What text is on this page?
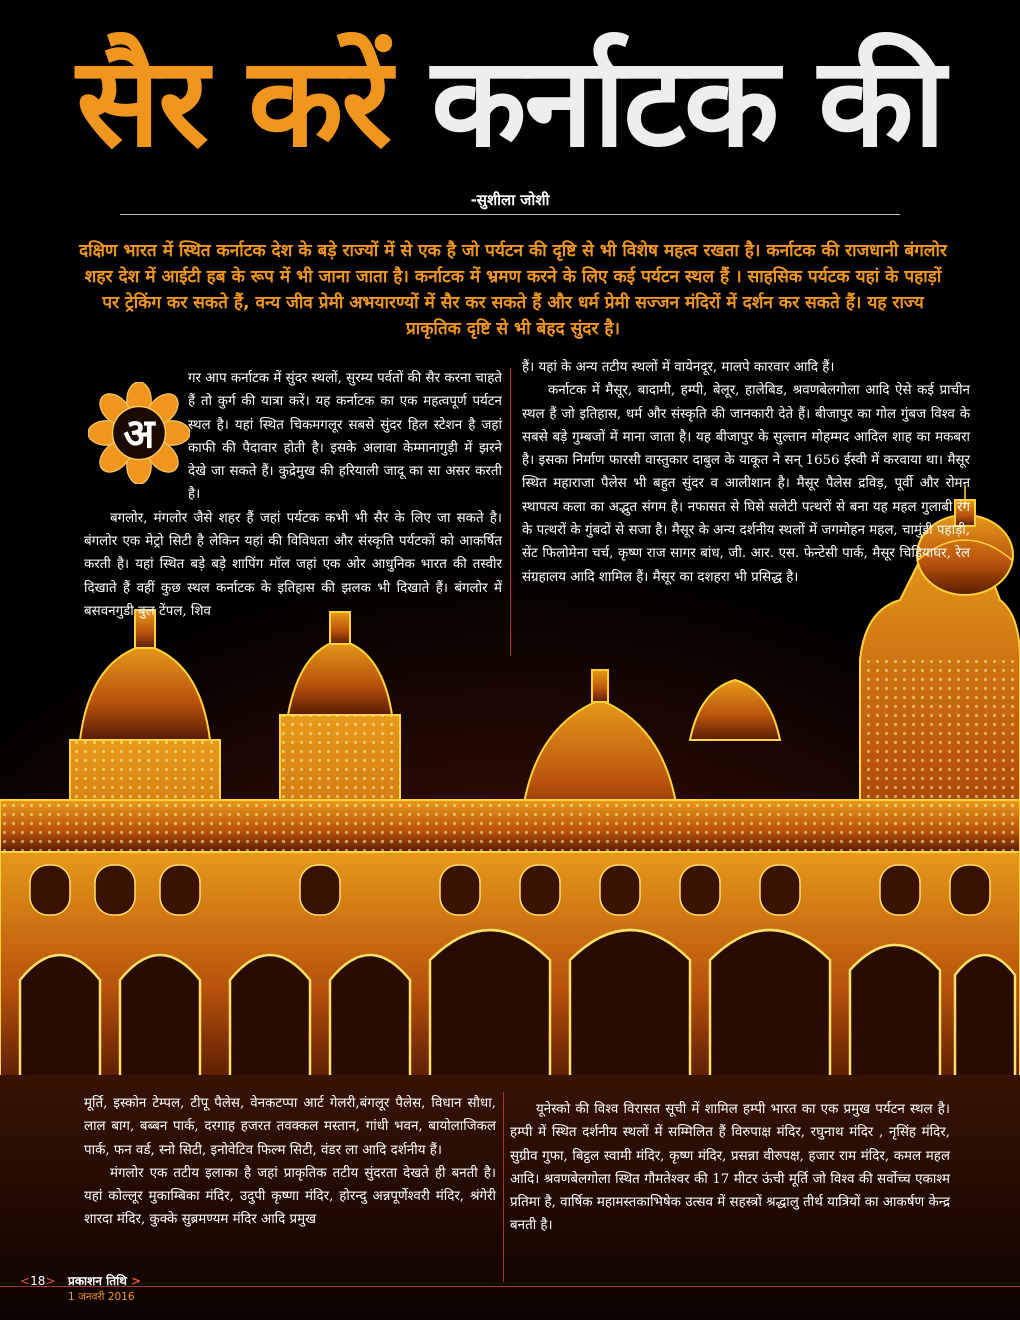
सैर करें कर्नाटक की
-सुशीला जोशी
दक्षिण भारत में स्थित कर्नाटक देश के बड़े राज्यों में से एक है जो पर्यटन की दृष्टि से भी विशेष महत्व रखता है। कर्नाटक की राजधानी बंगलोर शहर देश में आईटी हब के रूप में भी जाना जाता है। कर्नाटक में भ्रमण करने के लिए कई पर्यटन स्थल हैं । साहसिक पर्यटक यहां के पहाड़ों पर ट्रेकिंग कर सकते हैं, वन्य जीव प्रेमी अभयारण्यों में सैर कर सकते हैं और धर्म प्रेमी सज्जन मंदिरों में दर्शन कर सकते हैं। यह राज्य प्राकृतिक दृष्टि से भी बेहद सुंदर है।
अ

गर आप कर्नाटक में सुंदर स्थलों, सुरम्य पर्वतों की सैर करना चाहते हैं तो कुर्ग की यात्रा करें। यह कर्नाटक का एक महत्वपूर्ण पर्यटन स्थल है। यहां स्थित चिकमगलूर सबसे सुंदर हिल स्टेशन है जहां काफी की पैदावार होती है। इसके अलावा केम्मानागुड़ी में झरने देखे जा सकते हैं। कुद्रेमुख की हरियाली जादू का सा असर करती है।

बगलोर, मंगलोर जैसे शहर हैं जहां पर्यटक कभी भी सैर के लिए जा सकते है। बंगलोर एक मेट्रो सिटी है लेकिन यहां की विविधता और संस्कृति पर्यटकों को आकर्षित करती है। यहां स्थित बड़े बड़े शापिंग मॉल जहां एक ओर आधुनिक भारत की तस्वीर दिखाते हैं वहीं कुछ स्थल कर्नाटक के इतिहास की झलक भी दिखाते हैं। बंगलोर में बसवनगुडी बुल टेंपल, शिव

हैं। यहां के अन्य तटीय स्थलों में वायेनदूर, मालपे कारवार आदि हैं।

कर्नाटक में मैसूर, बादामी, हम्पी, बेलूर, हालेबिड, श्रवणबेलगोला आदि ऐसे कई प्राचीन स्थल हैं जो इतिहास, धर्म और संस्कृति की जानकारी देते हैं। बीजापुर का गोल गुंबज विश्व के सबसे बड़े गुम्बजों में माना जाता है। यह बीजापुर के सुल्तान मोहम्मद आदिल शाह का मकबरा है। इसका निर्माण फारसी वास्तुकार दाबुल के याकूत ने सन् 1656 ईस्वी में करवाया था। मैसूर स्थित महाराजा पैलेस भी बहुत सुंदर व आलीशान है। मैसूर पैलेस द्रविड़, पूर्वी और रोमन स्थापत्य कला का अद्भुत संगम है। नफासत से घिसे सलेटी पत्थरों से बना यह महल गुलाबी रंग के पत्थरों के गुंबदों से सजा है। मैसूर के अन्य दर्शनीय स्थलों में जगमोहन महल, चामुंडी पहाड़ी, सेंट फिलोमेना चर्च, कृष्ण राज सागर बांध, जी. आर. एस. फेन्टेसी पार्क, मैसूर चिड़ियाघर, रेल संग्रहालय आदि शामिल हैं। मैसूर का दशहरा भी प्रसिद्ध है।

मूर्ति, इस्कोन टेम्पल, टीपू पैलेस, वेनकटप्पा आर्ट गेलरी,बंगलूर पैलेस, विधान सौधा, लाल बाग, बब्बन पार्क, दरगाह हजरत तवक्कल मस्तान, गांधी भवन, बायोलाजिकल पार्क, फन वर्ड, स्नो सिटी, इनोवेटिव फिल्म सिटी, वंडर ला आदि दर्शनीय हैं।

मंगलोर एक तटीय इलाका है जहां प्राकृतिक तटीय सुंदरता देखते ही बनती है। यहां कोल्लूर मुकाम्बिका मंदिर, उदुपी कृष्णा मंदिर, होरन्दु अन्नपूर्णेश्वरी मंदिर, श्रंगेरी शारदा मंदिर, कुक्के सुब्रमण्यम मंदिर आदि प्रमुख

यूनेस्को की विश्व विरासत सूची में शामिल हम्पी भारत का एक प्रमुख पर्यटन स्थल है। हम्पी में स्थित दर्शनीय स्थलों में सम्मिलित हैं विरुपाक्ष मंदिर, रघुनाथ मंदिर , नृसिंह मंदिर, सुग्रीव गुफा, बिट्ठल स्वामी मंदिर, कृष्ण मंदिर, प्रसन्ना वीरुपक्ष, हजार राम मंदिर, कमल महल आदि। श्रवणबेलगोला स्थित गौमतेश्वर की 17 मीटर ऊंची मूर्ति जो विश्व की सर्वोच्च एकाश्म प्रतिमा है, वार्षिक महामस्तकाभिषेक उत्सव में सहस्त्रों श्रद्धालु तीर्थ यात्रियों का आकर्षण केन्द्र बनती है।

<18> प्रकाशन तिथि >
1 जनवरी 2016
